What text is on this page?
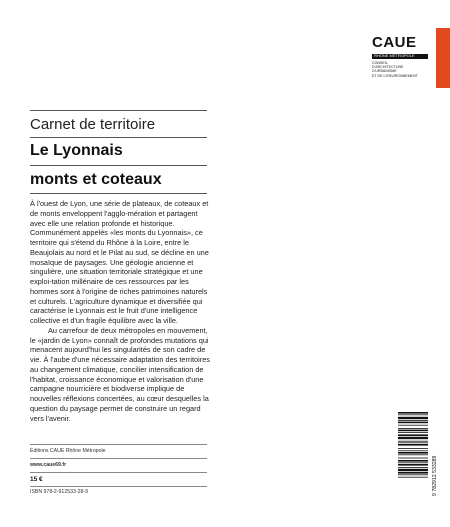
CAUE
RHÔNE MÉTROPOLE
CONSEIL
D'ARCHITECTURE
D'URBANISME
ET DE L'ENVIRONNEMENT
Carnet de territoire
Le Lyonnais
monts et coteaux

À l'ouest de Lyon, une série de plateaux, de coteaux et de monts enveloppent l'agglo-mération et partagent avec elle une relation profonde et historique. Communément appelés «les monts du Lyonnais», ce territoire qui s'étend du Rhône à la Loire, entre le Beaujolais au nord et le Pilat au sud, se décline en une mosaïque de paysages. Une géologie ancienne et singulière, une situation territoriale stratégique et une exploi-tation millénaire de ces ressources par les hommes sont à l'origine de riches patrimoines naturels et culturels. L'agriculture dynamique et diversifiée qui caractérise le Lyonnais est le fruit d'une intelligence collective et d'un fragile équilibre avec la ville.

Au carrefour de deux métropoles en mouvement, le «jardin de Lyon» connaît de profondes mutations qui menacent aujourd'hui les singularités de son cadre de vie. À l'aube d'une nécessaire adaptation des territoires au changement climatique, concilier intensification de l'habitat, croissance économique et valorisation d'une campagne nourricière et biodiverse implique de nouvelles réflexions concertées, au cœur desquelles la question du paysage permet de construire un regard vers l'avenir.

Éditions CAUE Rhône Métropole
www.caue69.fr
15 €
ISBN 978-2-912533-28-9	9 782912 533289
